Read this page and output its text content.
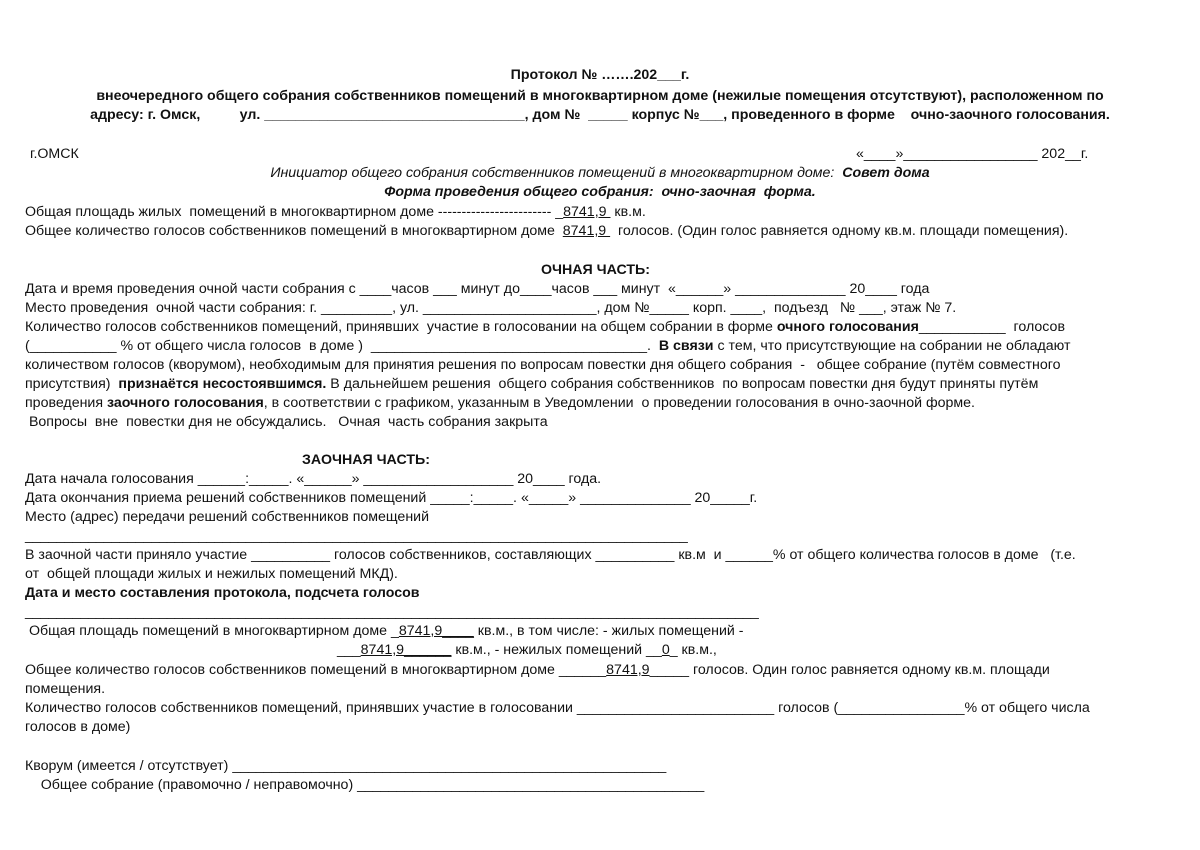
Протокол № …….202___г.
внеочередного общего собрания собственников помещений в многоквартирном доме (нежилые помещения отсутствуют), расположенном по
адресу: г. Омск,          ул. _________________________________, дом №  _____ корпус №___, проведенного в форме    очно-заочного голосования.
г.ОМСК	«____»_________________ 202__г.
Инициатор общего собрания собственников помещений в многоквартирном доме: Совет дома
Форма проведения общего собрания: очно-заочная  форма.
Общая площадь жилых  помещений в многоквартирном доме ------------------------ _8741,9  кв.м.
Общее количество голосов собственников помещений в многоквартирном доме  8741,9   голосов. (Один голос равняется одному кв.м. площади помещения).
ОЧНАЯ ЧАСТЬ:
Дата и время проведения очной части собрания с ____часов ___ минут до____часов ___ минут  «______» ______________ 20____ года
Место проведения  очной части собрания: г. _________, ул. ______________________, дом №_____ корп. ____,  подъезд   № ___, этаж № 7.
Количество голосов собственников помещений, принявших  участие в голосовании на общем собрании в форме очного голосования___________  голосов
(___________ % от общего числа голосов  в доме )  ___________________________________.  В связи с тем, что присутствующие на собрании не обладают
количеством голосов (кворумом), необходимым для принятия решения по вопросам повестки дня общего собрания  -   общее собрание (путём совместного
присутствия)  признаётся несостоявшимся. В дальнейшем решения  общего собрания собственников  по вопросам повестки дня будут приняты путём
проведения заочного голосования, в соответствии с графиком, указанным в Уведомлении  о проведении голосования в очно-заочной форме.
Вопросы  вне  повестки дня не обсуждались.   Очная  часть собрания закрыта
ЗАОЧНАЯ ЧАСТЬ:
Дата начала голосования ______:_____. «______» ___________________ 20____ года.
Дата окончания приема решений собственников помещений _____:_____. «_____» ______________ 20_____г.
Место (адрес) передачи решений собственников помещений
____________________________________________________________________________________
В заочной части приняло участие __________ голосов собственников, составляющих __________ кв.м  и ______% от общего количества голосов в доме   (т.е.
от  общей площади жилых и нежилых помещений МКД).
Дата и место составления протокола, подсчета голосов
_____________________________________________________________________________________________
Общая площадь помещений в многоквартирном доме _8741,9____ кв.м., в том числе: - жилых помещений -
___8741,9______ кв.м., - нежилых помещений __0_ кв.м.,
Общее количество голосов собственников помещений в многоквартирном доме ______8741,9_____ голосов. Один голос равняется одному кв.м. площади
помещения.
Количество голосов собственников помещений, принявших участие в голосовании _________________________ голосов (________________% от общего числа
голосов в доме)
Кворум (имеется / отсутствует) _______________________________________________________
Общее собрание (правомочно / неправомочно) ____________________________________________
